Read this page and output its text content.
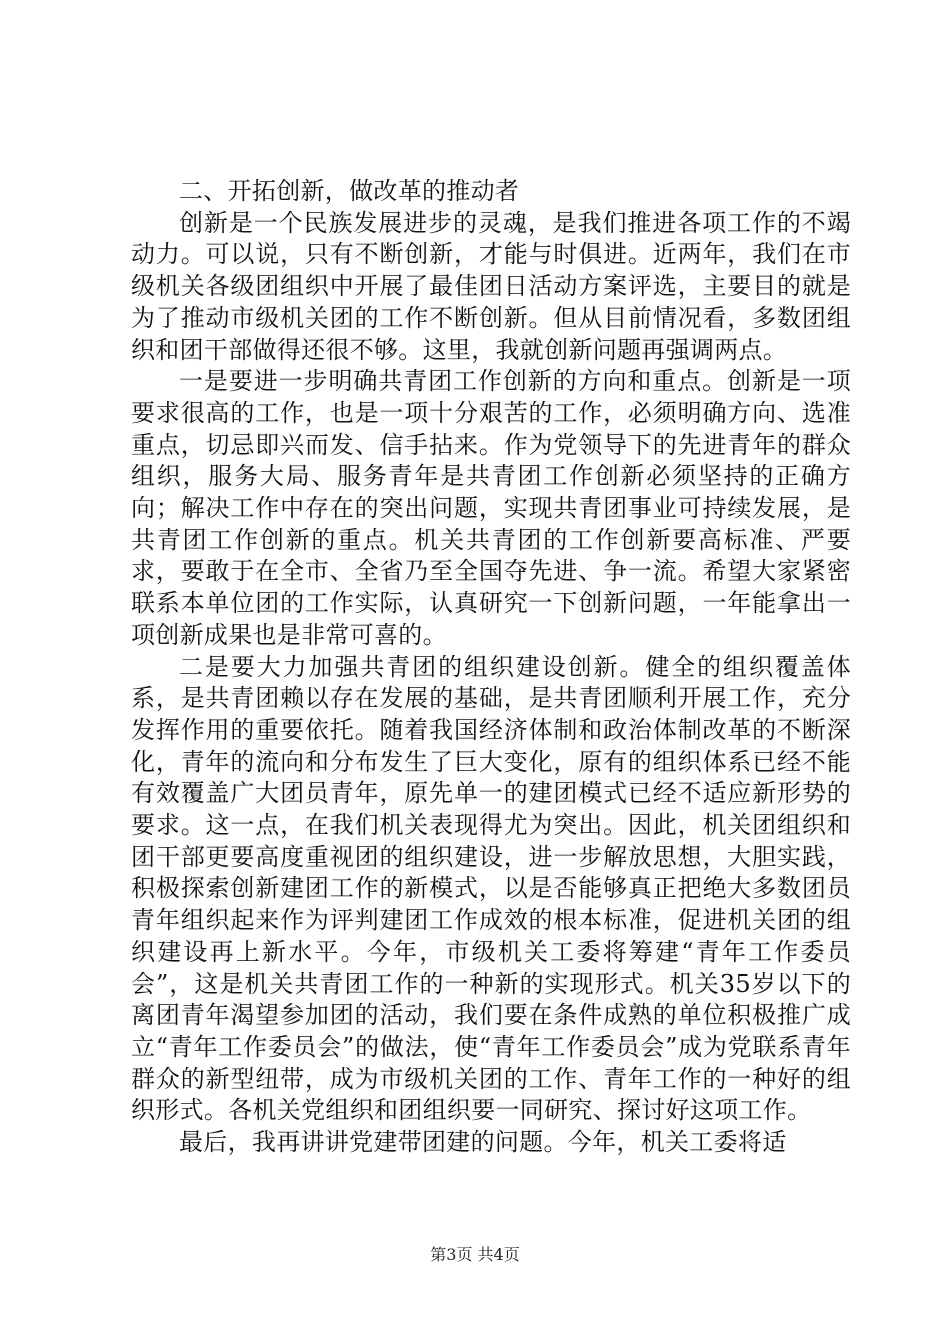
二、开拓创新，做改革的推动者

创新是一个民族发展进步的灵魂，是我们推进各项工作的不竭动力。可以说，只有不断创新，才能与时俱进。近两年，我们在市级机关各级团组织中开展了最佳团日活动方案评选，主要目的就是为了推动市级机关团的工作不断创新。但从目前情况看，多数团组织和团干部做得还很不够。这里，我就创新问题再强调两点。

一是要进一步明确共青团工作创新的方向和重点。创新是一项要求很高的工作，也是一项十分艰苦的工作，必须明确方向、选准重点，切忌即兴而发、信手拈来。作为党领导下的先进青年的群众组织，服务大局、服务青年是共青团工作创新必须坚持的正确方向；解决工作中存在的突出问题，实现共青团事业可持续发展，是共青团工作创新的重点。机关共青团的工作创新要高标准、严要求，要敢于在全市、全省乃至全国夺先进、争一流。希望大家紧密联系本单位团的工作实际，认真研究一下创新问题，一年能拿出一项创新成果也是非常可喜的。

二是要大力加强共青团的组织建设创新。健全的组织覆盖体系，是共青团赖以存在发展的基础，是共青团顺利开展工作，充分发挥作用的重要依托。随着我国经济体制和政治体制改革的不断深化，青年的流向和分布发生了巨大变化，原有的组织体系已经不能有效覆盖广大团员青年，原先单一的建团模式已经不适应新形势的要求。这一点，在我们机关表现得尤为突出。因此，机关团组织和团干部更要高度重视团的组织建设，进一步解放思想，大胆实践，积极探索创新建团工作的新模式，以是否能够真正把绝大多数团员青年组织起来作为评判建团工作成效的根本标准，促进机关团的组织建设再上新水平。今年，市级机关工委将筹建“青年工作委员会”，这是机关共青团工作的一种新的实现形式。机关35岁以下的离团青年渴望参加团的活动，我们要在条件成熟的单位积极推广成立“青年工作委员会”的做法，使“青年工作委员会”成为党联系青年群众的新型纽带，成为市级机关团的工作、青年工作的一种好的组织形式。各机关党组织和团组织要一同研究、探讨好这项工作。

最后，我再讲讲党建带团建的问题。今年，机关工委将适

第3页 共4页
